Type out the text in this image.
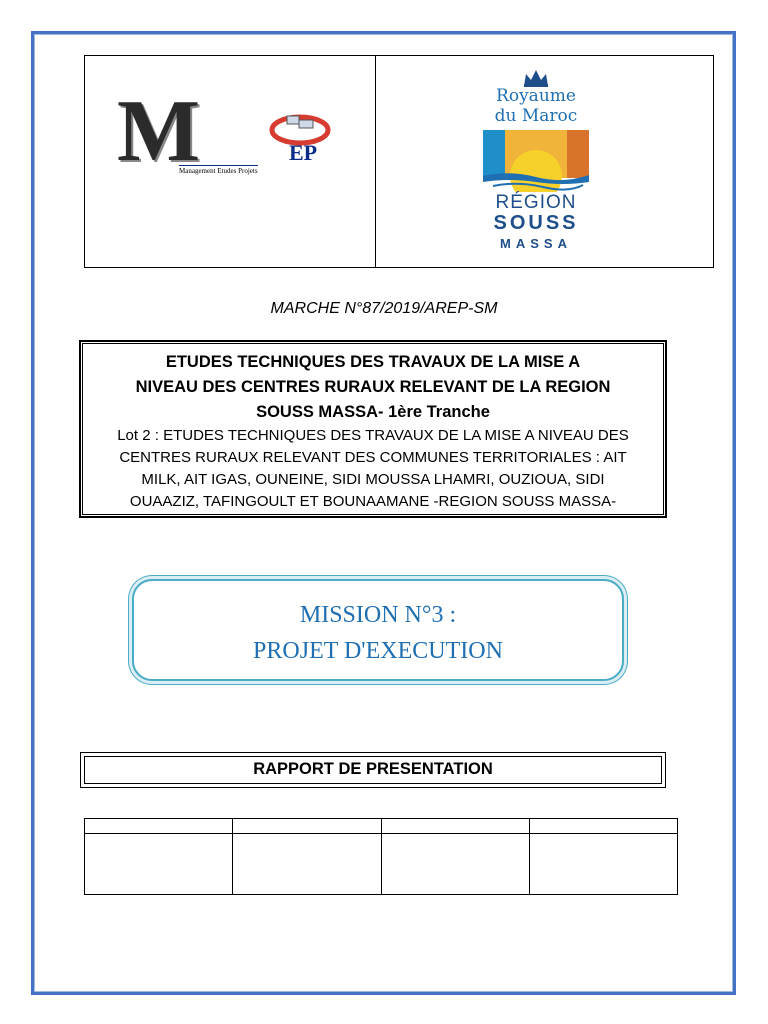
M	EP
Management Etudes Projets
Royaume
du Maroc
RÉGION
SOUSS
MASSA
MARCHE N°87/2019/AREP-SM
ETUDES TECHNIQUES DES TRAVAUX DE LA MISE A
NIVEAU DES CENTRES RURAUX RELEVANT DE LA REGION
SOUSS MASSA- 1ère Tranche
Lot 2 : ETUDES TECHNIQUES DES TRAVAUX DE LA MISE A NIVEAU DES
CENTRES RURAUX RELEVANT DES COMMUNES TERRITORIALES : AIT
MILK, AIT IGAS, OUNEINE, SIDI MOUSSA LHAMRI, OUZIOUA, SIDI
OUAAZIZ, TAFINGOULT ET BOUNAAMANE -REGION SOUSS MASSA-
MISSION N°3 :
PROJET D'EXECUTION
RAPPORT DE PRESENTATION
